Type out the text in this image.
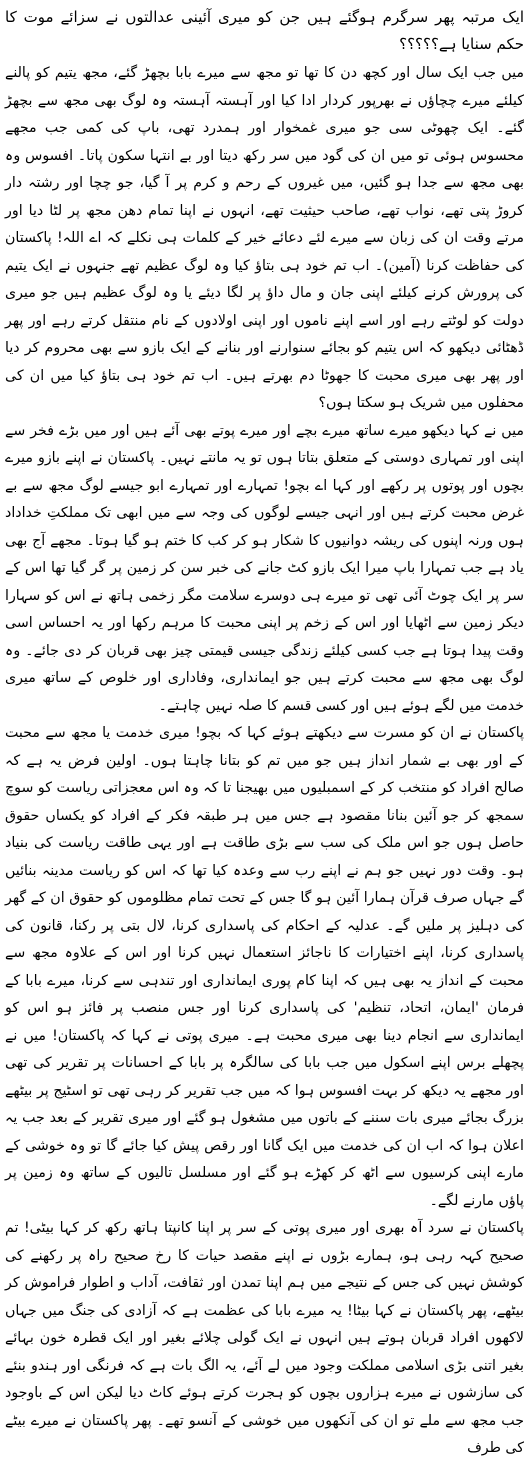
ایک مرتبہ پھر سرگرم ہوگئے ہیں جن کو میری آئینی عدالتوں نے سزائے موت کا حکم سنایا ہے؟؟؟؟؟

میں جب ایک سال اور کچھ دن کا تھا تو مجھ سے میرے بابا بچھڑ گئے، مجھ یتیم کو پالنے کیلئے میرے چچاؤں نے بھرپور کردار ادا کیا اور آہستہ آہستہ وہ لوگ بھی مجھ سے بچھڑ گئے۔ ایک چھوٹی سی جو میری غمخوار اور ہمدرد تھی، باپ کی کمی جب مجھے محسوس ہوئی تو میں ان کی گود میں سر رکھ دیتا اور بے انتہا سکون پاتا۔ افسوس وہ بھی مجھ سے جدا ہو گئیں، میں غیروں کے رحم و کرم پر آ گیا، جو چچا اور رشتہ دار کروڑ پتی تھے، نواب تھے، صاحب حیثیت تھے، انہوں نے اپنا تمام دھن مجھ پر لٹا دیا اور مرتے وقت ان کی زبان سے میرے لئے دعائے خیر کے کلمات ہی نکلے کہ اے اللہ! پاکستان کی حفاظت کرنا (آمین)۔ اب تم خود ہی بتاؤ کیا وہ لوگ عظیم تھے جنہوں نے ایک یتیم کی پرورش کرنے کیلئے اپنی جان و مال داؤ پر لگا دیئے یا وہ لوگ عظیم ہیں جو میری دولت کو لوٹتے رہے اور اسے اپنے ناموں اور اپنی اولادوں کے نام منتقل کرتے رہے اور پھر ڈھٹائی دیکھو کہ اس یتیم کو بجائے سنوارنے اور بنانے کے ایک بازو سے بھی محروم کر دیا اور پھر بھی میری محبت کا جھوٹا دم بھرتے ہیں۔ اب تم خود ہی بتاؤ کیا میں ان کی محفلوں میں شریک ہو سکتا ہوں؟

میں نے کہا دیکھو میرے ساتھ میرے بچے اور میرے پوتے بھی آئے ہیں اور میں بڑے فخر سے اپنی اور تمہاری دوستی کے متعلق بتاتا ہوں تو یہ مانتے نہیں۔ پاکستان نے اپنے بازو میرے بچوں اور پوتوں پر رکھے اور کہا اے بچو! تمہارے اور تمہارے ابو جیسے لوگ مجھ سے بے غرض محبت کرتے ہیں اور انہی جیسے لوگوں کی وجہ سے میں ابھی تک مملکتِ خداداد ہوں ورنہ اپنوں کی ریشہ دوانیوں کا شکار ہو کر کب کا ختم ہو گیا ہوتا۔ مجھے آج بھی یاد ہے جب تمہارا باپ میرا ایک بازو کٹ جانے کی خبر سن کر زمین پر گر گیا تھا اس کے سر پر ایک چوٹ آئی تھی تو میرے ہی دوسرے سلامت مگر زخمی ہاتھ نے اس کو سہارا دیکر زمین سے اٹھایا اور اس کے زخم پر اپنی محبت کا مرہم رکھا اور یہ احساس اسی وقت پیدا ہوتا ہے جب کسی کیلئے زندگی جیسی قیمتی چیز بھی قربان کر دی جائے۔ وہ لوگ بھی مجھ سے محبت کرتے ہیں جو ایمانداری، وفاداری اور خلوص کے ساتھ میری خدمت میں لگے ہوئے ہیں اور کسی قسم کا صلہ نہیں چاہتے۔

پاکستان نے ان کو مسرت سے دیکھتے ہوئے کہا کہ بچو! میری خدمت یا مجھ سے محبت کے اور بھی بے شمار انداز ہیں جو میں تم کو بتانا چاہتا ہوں۔ اولین فرض یہ ہے کہ صالح افراد کو منتخب کر کے اسمبلیوں میں بھیجنا تا کہ وہ اس معجزاتی ریاست کو سوچ سمجھ کر جو آئین بنانا مقصود ہے جس میں ہر طبقہ فکر کے افراد کو یکساں حقوق حاصل ہوں جو اس ملک کی سب سے بڑی طاقت ہے اور یہی طاقت ریاست کی بنیاد ہو۔ وقت دور نہیں جو ہم نے اپنے رب سے وعدہ کیا تھا کہ اس کو ریاست مدینہ بنائیں گے جہاں صرف قرآن ہمارا آئین ہو گا جس کے تحت تمام مظلوموں کو حقوق ان کے گھر کی دہلیز پر ملیں گے۔ عدلیہ کے احکام کی پاسداری کرنا، لال بتی پر رکنا، قانون کی پاسداری کرنا، اپنے اختیارات کا ناجائز استعمال نہیں کرنا اور اس کے علاوہ مجھ سے محبت کے انداز یہ بھی ہیں کہ اپنا کام پوری ایمانداری اور تندہی سے کرنا، میرے بابا کے فرمان 'ایمان، اتحاد، تنظیم' کی پاسداری کرنا اور جس منصب پر فائز ہو اس کو ایمانداری سے انجام دینا بھی میری محبت ہے۔ میری پوتی نے کہا کہ پاکستان! میں نے پچھلے برس اپنے اسکول میں جب بابا کی سالگرہ پر بابا کے احسانات پر تقریر کی تھی اور مجھے یہ دیکھ کر بہت افسوس ہوا کہ میں جب تقریر کر رہی تھی تو اسٹیج پر بیٹھے بزرگ بجائے میری بات سننے کے باتوں میں مشغول ہو گئے اور میری تقریر کے بعد جب یہ اعلان ہوا کہ اب ان کی خدمت میں ایک گانا اور رقص پیش کیا جائے گا تو وہ خوشی کے مارے اپنی کرسیوں سے اٹھ کر کھڑے ہو گئے اور مسلسل تالیوں کے ساتھ وہ زمین پر پاؤں مارنے لگے۔

پاکستان نے سرد آہ بھری اور میری پوتی کے سر پر اپنا کانپتا ہاتھ رکھ کر کہا بیٹی! تم صحیح کہہ رہی ہو، ہمارے بڑوں نے اپنے مقصد حیات کا رخ صحیح راہ پر رکھنے کی کوشش نہیں کی جس کے نتیجے میں ہم اپنا تمدن اور ثقافت، آداب و اطوار فراموش کر بیٹھے، پھر پاکستان نے کہا بیٹا! یہ میرے بابا کی عظمت ہے کہ آزادی کی جنگ میں جہاں لاکھوں افراد قربان ہوتے ہیں انہوں نے ایک گولی چلائے بغیر اور ایک قطرہ خون بہائے بغیر اتنی بڑی اسلامی مملکت وجود میں لے آئے، یہ الگ بات ہے کہ فرنگی اور ہندو بنئے کی سازشوں نے میرے ہزاروں بچوں کو ہجرت کرتے ہوئے کاٹ دیا لیکن اس کے باوجود جب مجھ سے ملے تو ان کی آنکھوں میں خوشی کے آنسو تھے۔ پھر پاکستان نے میرے بیٹے کی طرف
